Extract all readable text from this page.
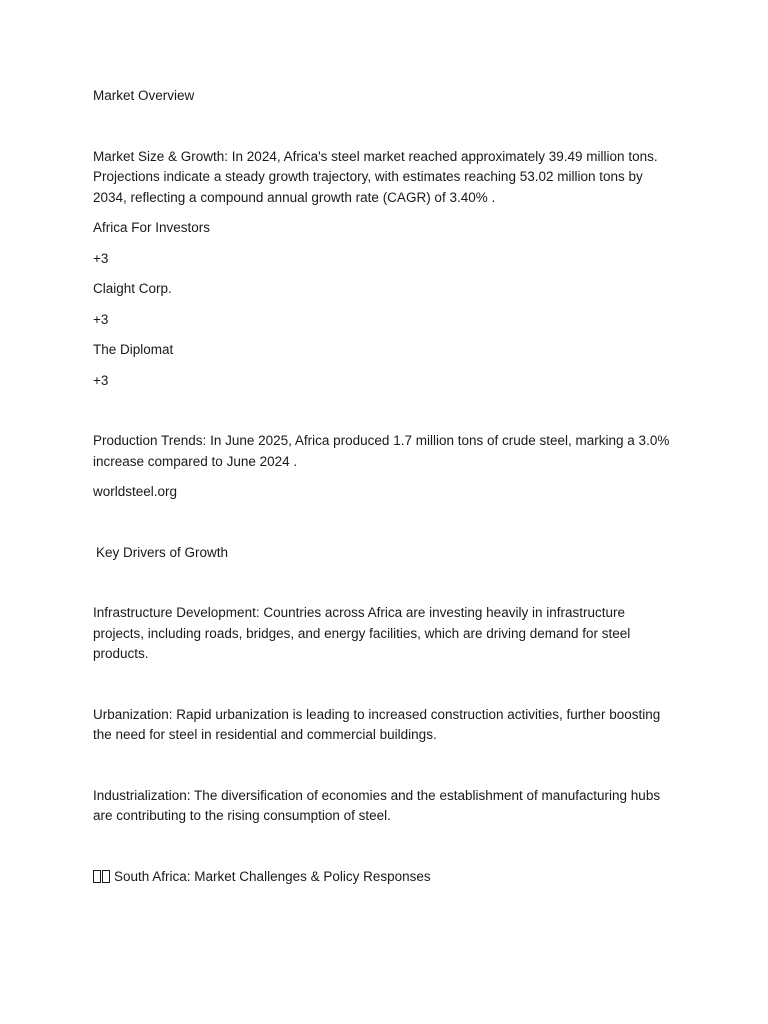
Market Overview

Market Size & Growth: In 2024, Africa's steel market reached approximately 39.49 million tons. Projections indicate a steady growth trajectory, with estimates reaching 53.02 million tons by 2034, reflecting a compound annual growth rate (CAGR) of 3.40% .

Africa For Investors

+3

Claight Corp.

+3

The Diplomat

+3

Production Trends: In June 2025, Africa produced 1.7 million tons of crude steel, marking a 3.0% increase compared to June 2024 .

worldsteel.org

Key Drivers of Growth

Infrastructure Development: Countries across Africa are investing heavily in infrastructure projects, including roads, bridges, and energy facilities, which are driving demand for steel products.

Urbanization: Rapid urbanization is leading to increased construction activities, further boosting the need for steel in residential and commercial buildings.

Industrialization: The diversification of economies and the establishment of manufacturing hubs are contributing to the rising consumption of steel.

South Africa: Market Challenges & Policy Responses
